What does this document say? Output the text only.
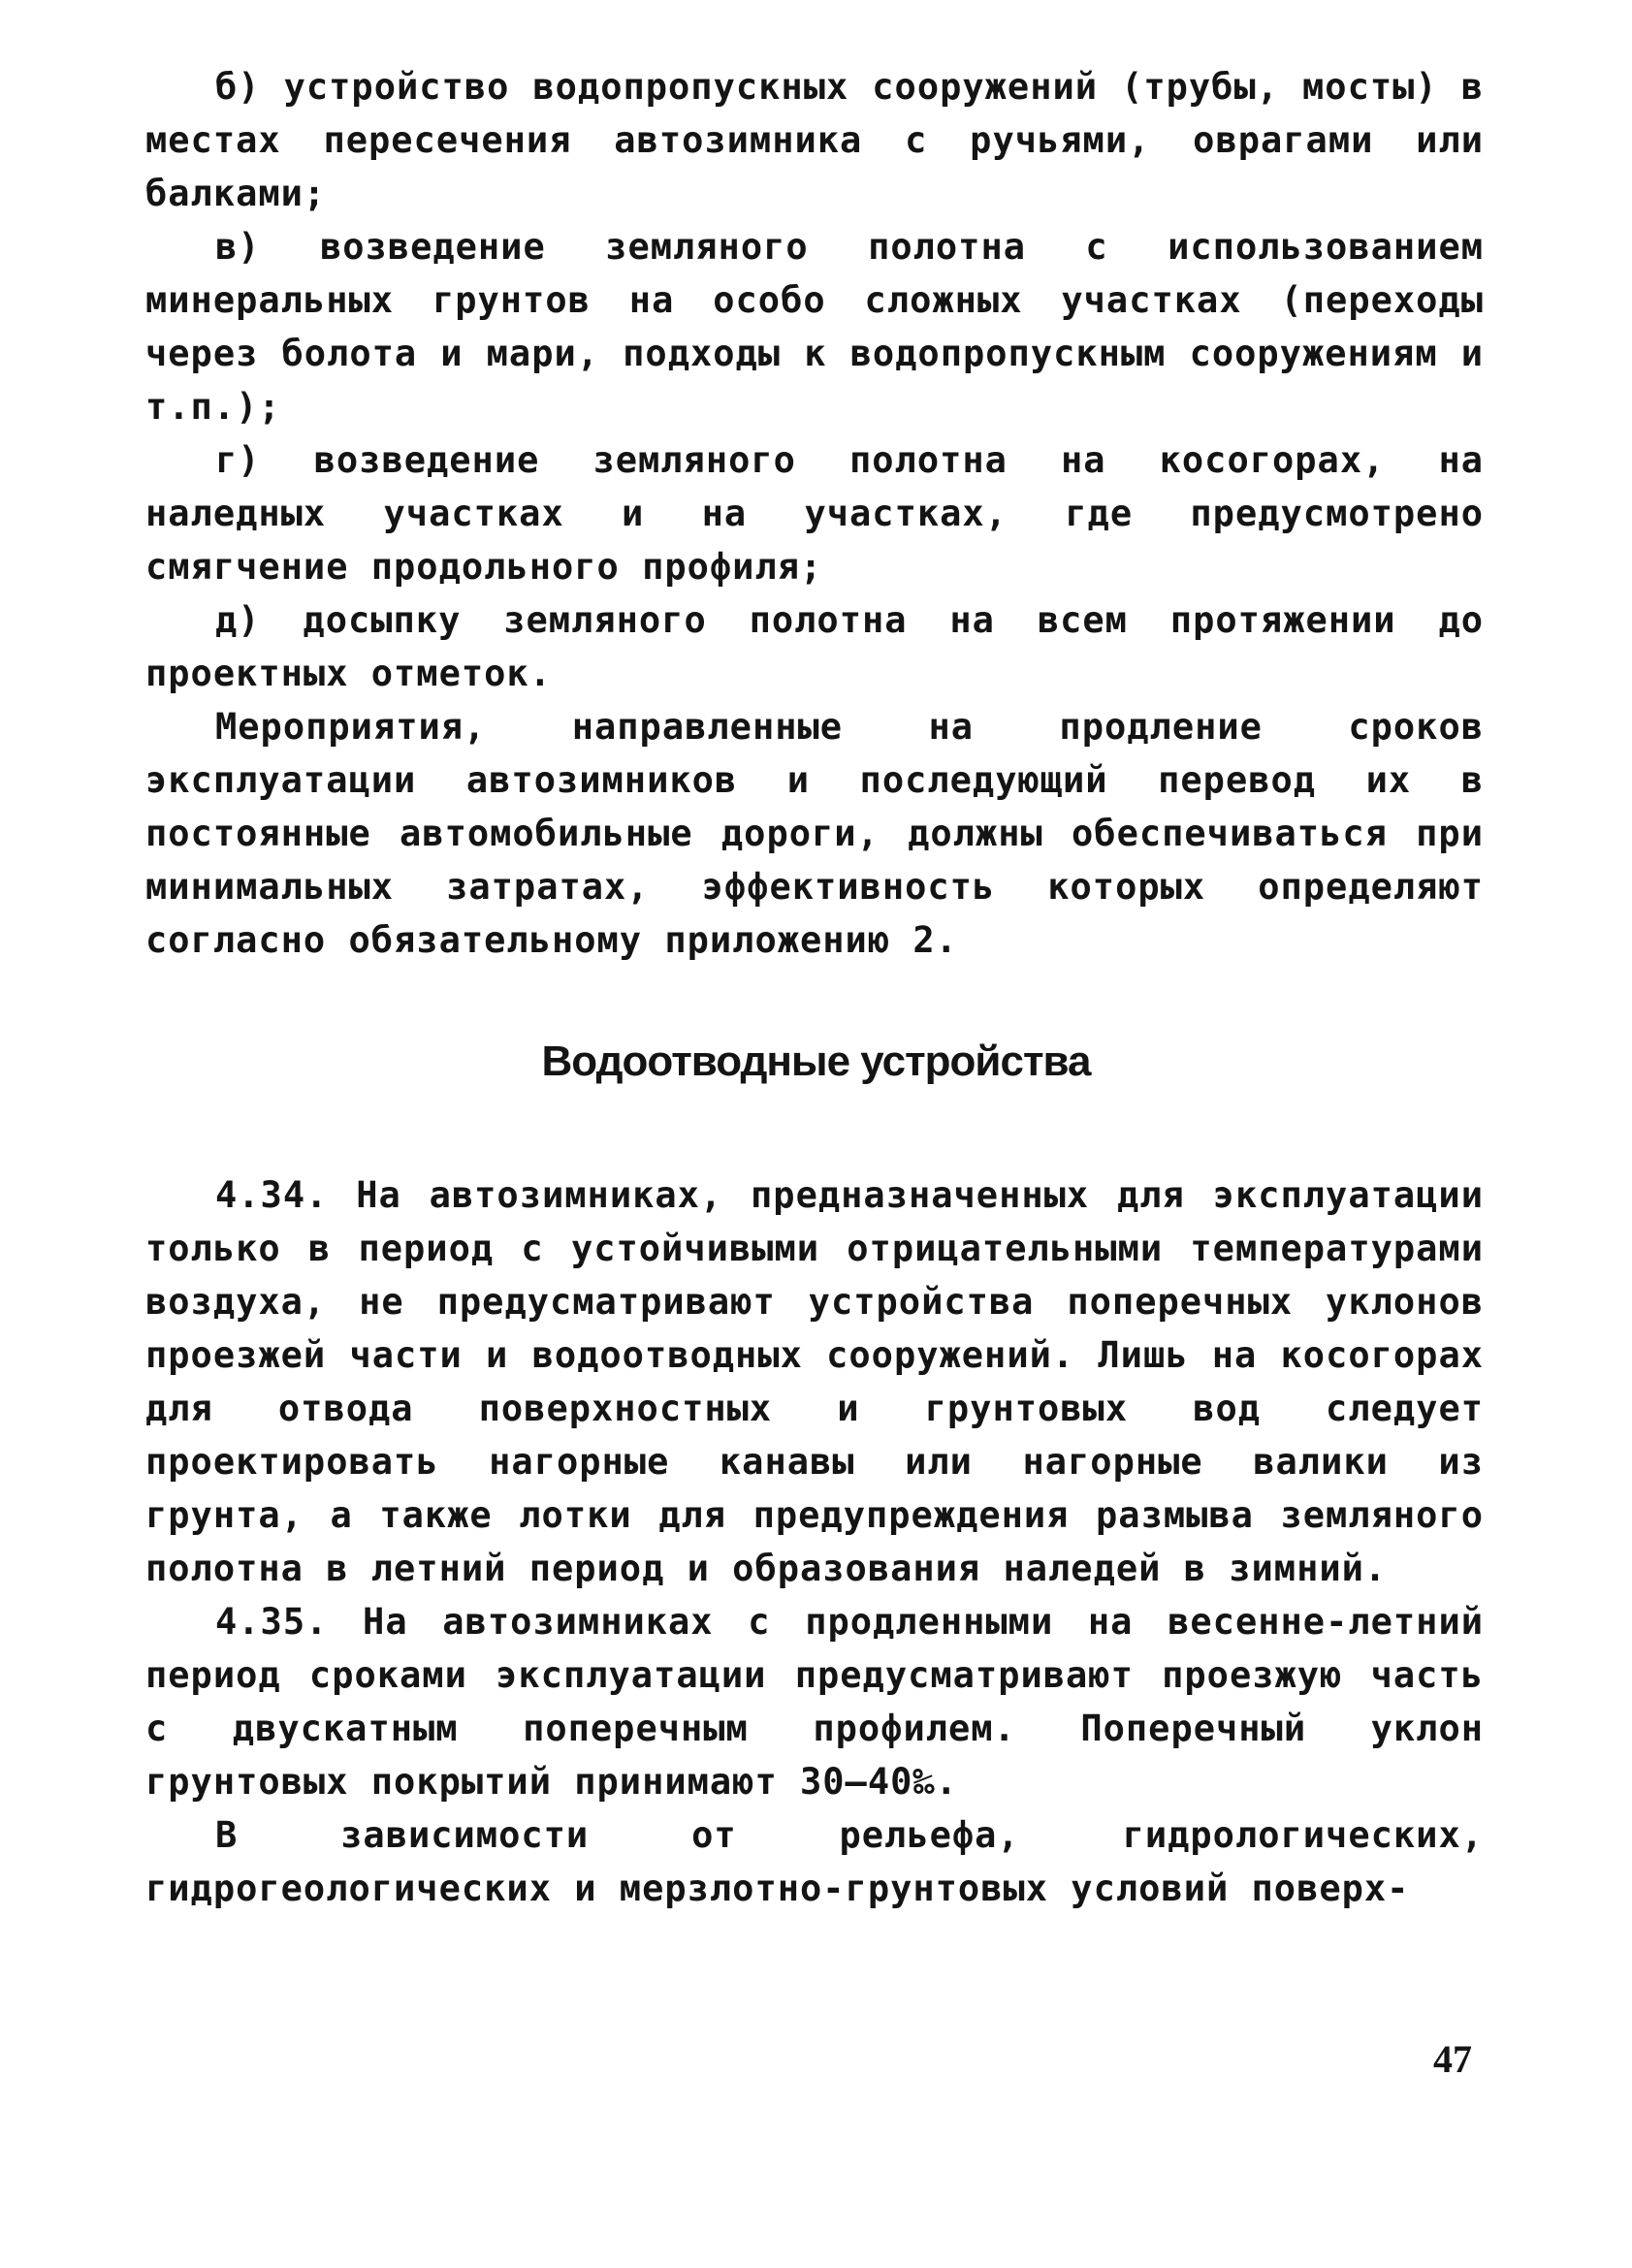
б) устройство водопропускных сооружений (трубы, мосты) в местах пересечения автозимника с ручьями, оврагами или балками;

в) возведение земляного полотна с использованием минеральных грунтов на особо сложных участках (переходы через болота и мари, подходы к водопропускным сооружениям и т.п.);

г) возведение земляного полотна на косогорах, на наледных участках и на участках, где предусмотрено смягчение продольного профиля;

д) досыпку земляного полотна на всем протяжении до проектных отметок.

Мероприятия, направленные на продление сроков эксплуатации автозимников и последующий перевод их в постоянные автомобильные дороги, должны обеспечиваться при минимальных затратах, эффективность которых определяют согласно обязательному приложению 2.

Водоотводные устройства

4.34. На автозимниках, предназначенных для эксплуатации только в период с устойчивыми отрицательными температурами воздуха, не предусматривают устройства поперечных уклонов проезжей части и водоотводных сооружений. Лишь на косогорах для отвода поверхностных и грунтовых вод следует проектировать нагорные канавы или нагорные валики из грунта, а также лотки для предупреждения размыва земляного полотна в летний период и образования наледей в зимний.

4.35. На автозимниках с продленными на весенне-летний период сроками эксплуатации предусматривают проезжую часть с двускатным поперечным профилем. Поперечный уклон грунтовых покрытий принимают 30–40‰.

В зависимости от рельефа, гидрологических, гидрогеологических и мерзлотно-грунтовых условий поверх-

47
